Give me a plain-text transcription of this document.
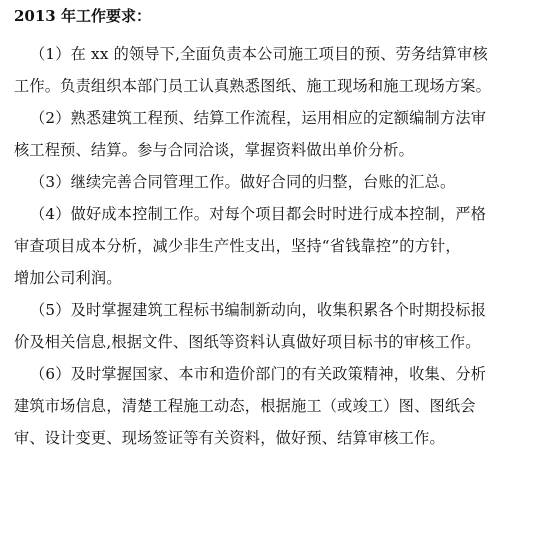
2013 年工作要求：

（1）在 xx 的领导下,全面负责本公司施工项目的预、劳务结算审核
工作。负责组织本部门员工认真熟悉图纸、施工现场和施工现场方案。

（2）熟悉建筑工程预、结算工作流程，运用相应的定额编制方法审
核工程预、结算。参与合同洽谈，掌握资料做出单价分析。

（3）继续完善合同管理工作。做好合同的归整，台账的汇总。

（4）做好成本控制工作。对每个项目都会时时进行成本控制，严格
审查项目成本分析，减少非生产性支出，坚持“省钱靠控”的方针，
增加公司利润。

（5）及时掌握建筑工程标书编制新动向，收集积累各个时期投标报
价及相关信息,根据文件、图纸等资料认真做好项目标书的审核工作。

（6）及时掌握国家、本市和造价部门的有关政策精神，收集、分析
建筑市场信息，清楚工程施工动态，根据施工（或竣工）图、图纸会
审、设计变更、现场签证等有关资料，做好预、结算审核工作。
